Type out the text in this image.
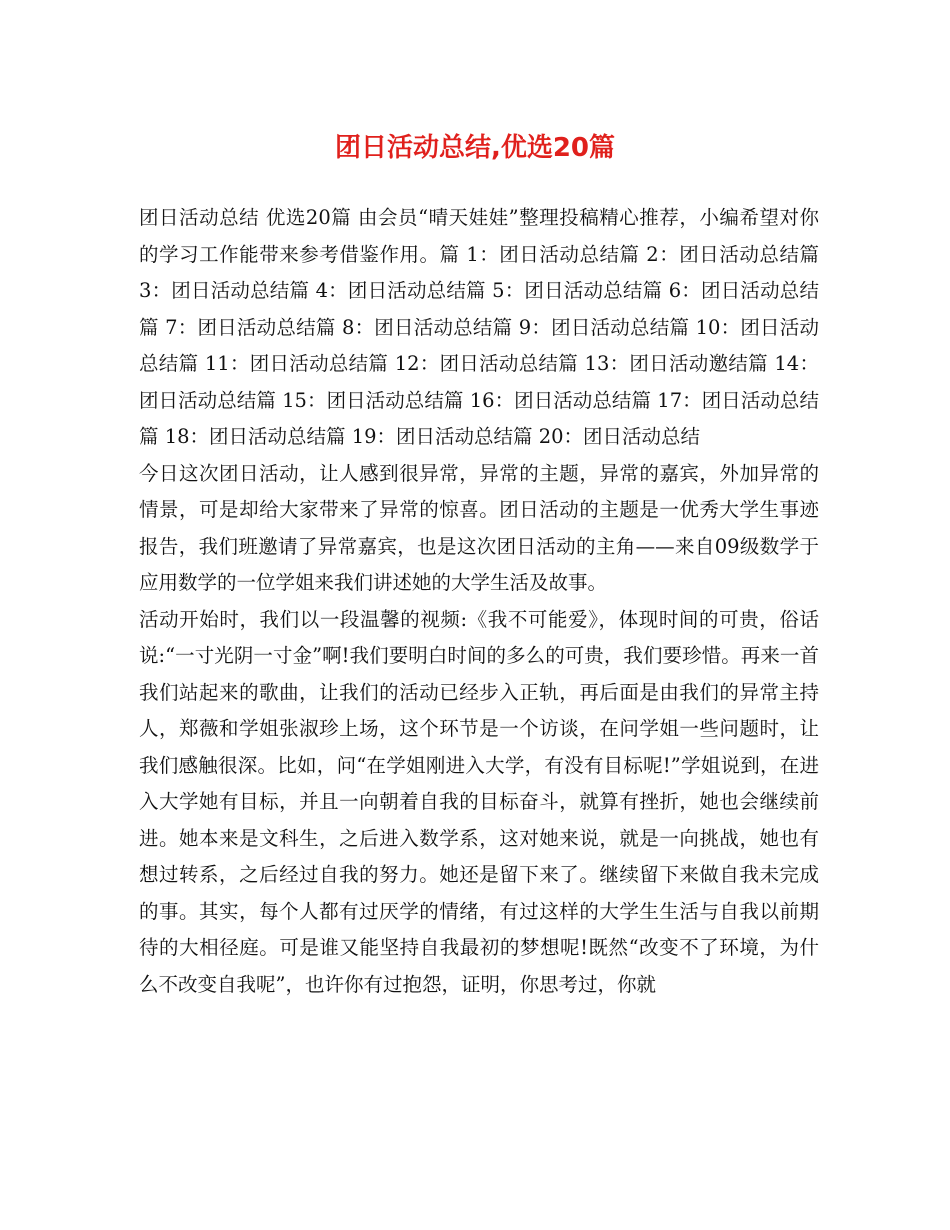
团日活动总结,优选20篇

团日活动总结 优选20篇 由会员“晴天娃娃”整理投稿精心推荐，小编希望对你的学习工作能带来参考借鉴作用。篇 1：团日活动总结篇 2：团日活动总结篇 3：团日活动总结篇 4：团日活动总结篇 5：团日活动总结篇 6：团日活动总结篇 7：团日活动总结篇 8：团日活动总结篇 9：团日活动总结篇 10：团日活动总结篇 11：团日活动总结篇 12：团日活动总结篇 13：团日活动邀结篇 14：团日活动总结篇 15：团日活动总结篇 16：团日活动总结篇 17：团日活动总结篇 18：团日活动总结篇 19：团日活动总结篇 20：团日活动总结

今日这次团日活动，让人感到很异常，异常的主题，异常的嘉宾，外加异常的情景，可是却给大家带来了异常的惊喜。团日活动的主题是一优秀大学生事迹报告，我们班邀请了异常嘉宾，也是这次团日活动的主角——来自09级数学于应用数学的一位学姐来我们讲述她的大学生活及故事。

活动开始时，我们以一段温馨的视频:《我不可能爱》，体现时间的可贵，俗话说:“一寸光阴一寸金”啊!我们要明白时间的多么的可贵，我们要珍惜。再来一首我们站起来的歌曲，让我们的活动已经步入正轨，再后面是由我们的异常主持人，郑薇和学姐张淑珍上场，这个环节是一个访谈，在问学姐一些问题时，让我们感触很深。比如，问“在学姐刚进入大学，有没有目标呢!”学姐说到，在进入大学她有目标，并且一向朝着自我的目标奋斗，就算有挫折，她也会继续前进。她本来是文科生，之后进入数学系，这对她来说，就是一向挑战，她也有想过转系，之后经过自我的努力。她还是留下来了。继续留下来做自我未完成的事。其实，每个人都有过厌学的情绪，有过这样的大学生生活与自我以前期待的大相径庭。可是谁又能坚持自我最初的梦想呢!既然“改变不了环境，为什么不改变自我呢”，也许你有过抱怨，证明，你思考过，你就
